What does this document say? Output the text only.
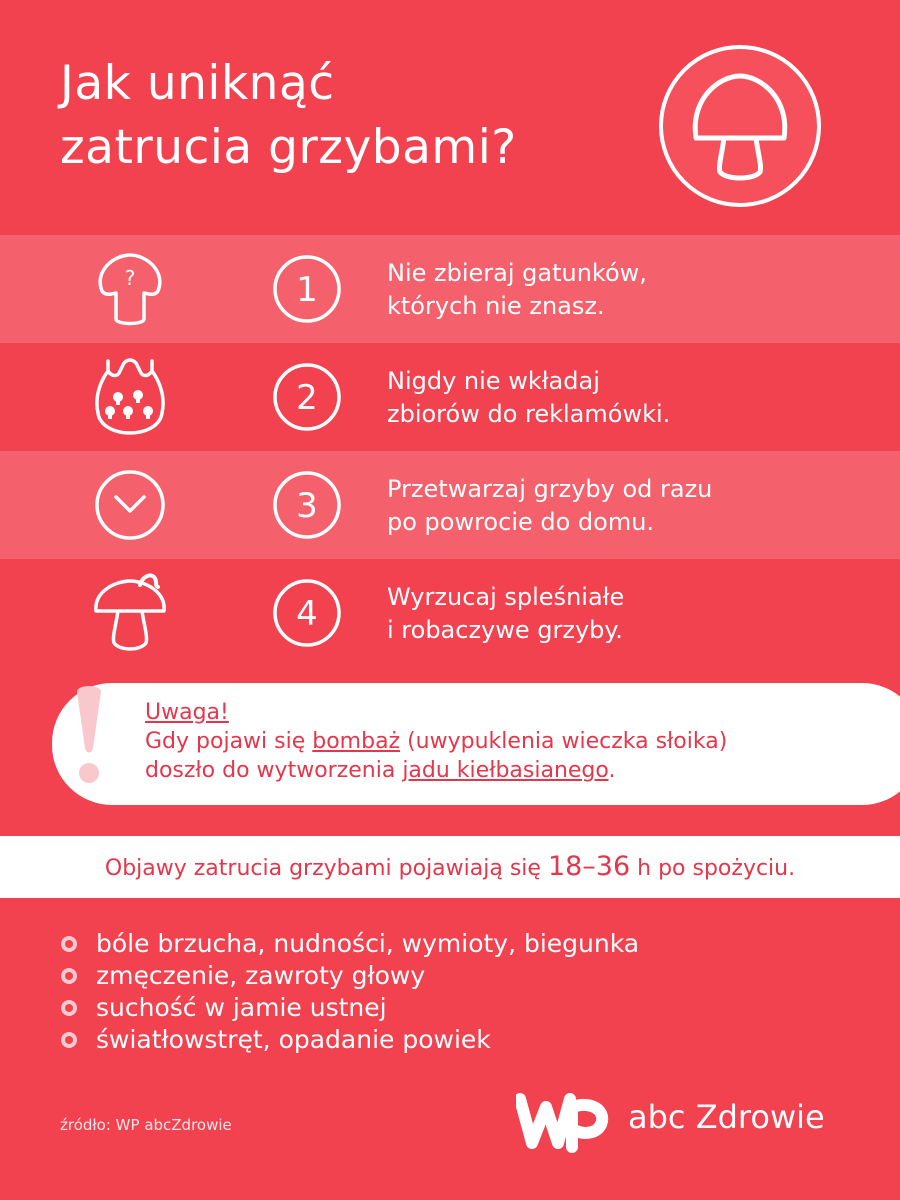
Jak uniknąć
zatrucia grzybami?
?	1	Nie zbieraj gatunków,
których nie znasz.
2	Nigdy nie wkładaj
zbiorów do reklamówki.
3	Przetwarzaj grzyby od razu
po powrocie do domu.
4	Wyrzucaj spleśniałe
i robaczywe grzyby.
Uwaga!
Gdy pojawi się bombaż (uwypuklenia wieczka słoika)
doszło do wytworzenia jadu kiełbasianego.
Objawy zatrucia grzybami pojawiają się 18–36 h po spożyciu.
bóle brzucha, nudności, wymioty, biegunka
zmęczenie, zawroty głowy
suchość w jamie ustnej
światłowstręt, opadanie powiek
źródło: WP abcZdrowie	abc Zdrowie
